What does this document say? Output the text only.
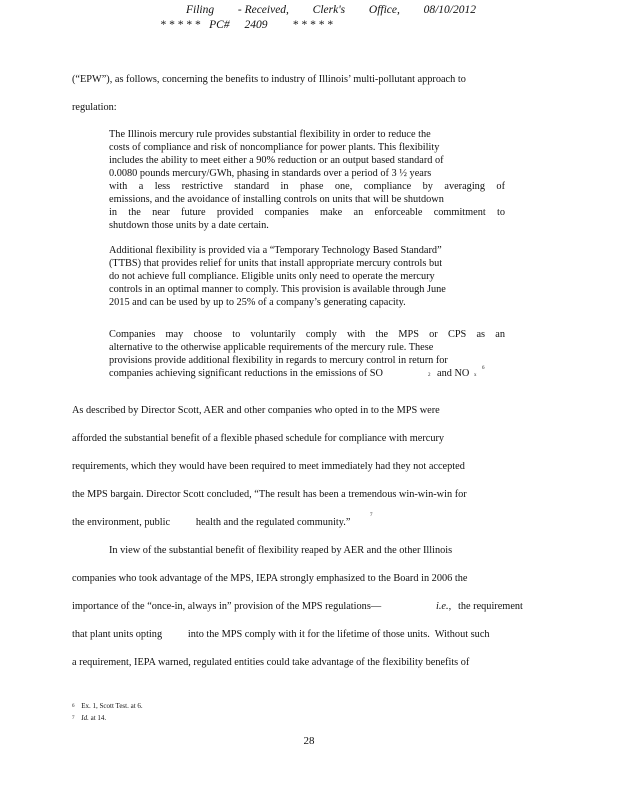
Filing - Received, Clerk's Office, 08/10/2012
* * * * * PC# 2409 * * * * *
(“EPW”), as follows, concerning the benefits to industry of Illinois’ multi-pollutant approach to
regulation:
The Illinois mercury rule provides substantial flexibility in order to reduce the
costs of compliance and risk of noncompliance for power plants. This flexibility
includes the ability to meet either a 90% reduction or an output based standard of
0.0080 pounds mercury/GWh, phasing in standards over a period of 3 ½ years
with a less restrictive standard in phase one, compliance by averaging of
emissions, and the avoidance of installing controls on units that will be shutdown
in the near future provided companies make an enforceable commitment to
shutdown those units by a date certain.
Additional flexibility is provided via a “Temporary Technology Based Standard”
(TTBS) that provides relief for units that install appropriate mercury controls but
do not achieve full compliance. Eligible units only need to operate the mercury
controls in an optimal manner to comply. This provision is available through June
2015 and can be used by up to 25% of a company’s generating capacity.
Companies may choose to voluntarily comply with the MPS or CPS as an
alternative to the otherwise applicable requirements of the mercury rule. These
provisions provide additional flexibility in regards to mercury control in return for
companies achieving significant reductions in the emissions of SO	2 and NO x
6
As described by Director Scott, AER and other companies who opted in to the MPS were
afforded the substantial benefit of a flexible phased schedule for compliance with mercury
requirements, which they would have been required to meet immediately had they not accepted
the MPS bargain. Director Scott concluded, “The result has been a tremendous win-win-win for
the environment, public          health and the regulated community.”
7
In view of the substantial benefit of flexibility reaped by AER and the other Illinois
companies who took advantage of the MPS, IEPA strongly emphasized to the Board in 2006 the
importance of the “once-in, always in” provision of the MPS regulations—	i.e., the requirement
that plant units opting          into the MPS comply with it for the lifetime of those units.  Without such
a requirement, IEPA warned, regulated entities could take advantage of the flexibility benefits of
$^6$ Ex. 1, Scott Test. at 6.
$^7$ Id. at 14.
28
